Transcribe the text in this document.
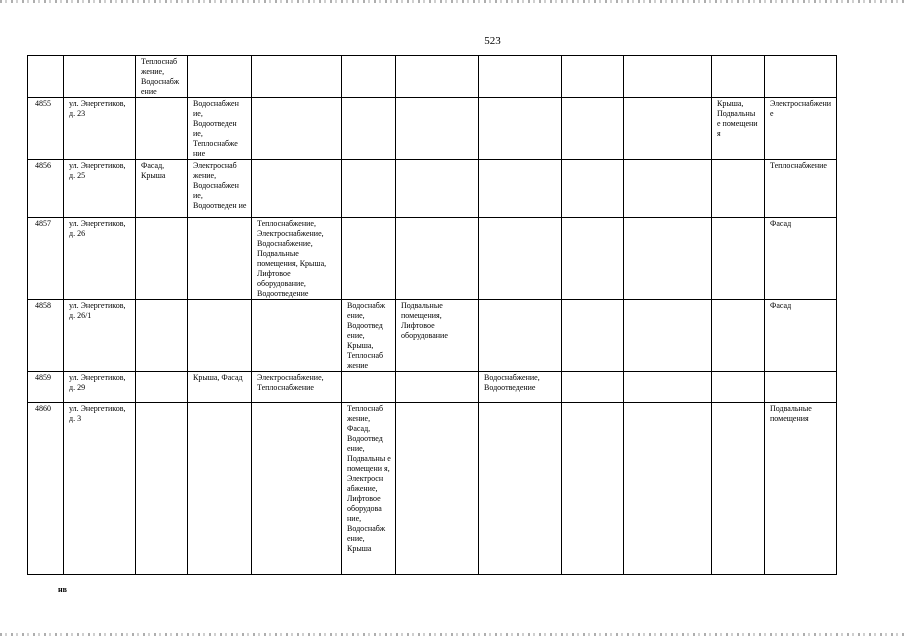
523
		Теплоснаб жение, Водоснабж ение									
4855	ул. Энергетиков, д. 23		Водоснабжен ие, Водоотведен ие, Теплоснабже ние							Крыша, Подвальны е помещени я	Электроснабжение
4856	ул. Энергетиков, д. 25	Фасад, Крыша	Электроснаб жение, Водоснабжен ие, Водоотведен ие								Теплоснабжение
4857	ул. Энергетиков, д. 26			Теплоснабжение, Электроснабжение, Водоснабжение, Подвальные помещения, Крыша, Лифтовое оборудование, Водоотведение							Фасад
4858	ул. Энергетиков, д. 26/1				Водоснабж ение, Водоотвед ение, Крыша, Теплоснаб жение	Подвальные помещения, Лифтовое оборудование					Фасад
4859	ул. Энергетиков, д. 29		Крыша, Фасад	Электроснабжение, Теплоснабжение			Водоснабжение, Водоотведение				
4860	ул. Энергетиков, д. 3				Теплоснаб жение, Фасад, Водоотвед ение, Подвальны е помещени я, Электросн абжение, Лифтовое оборудова ние, Водоснабж ение, Крыша						Подвальные помещения
нв
